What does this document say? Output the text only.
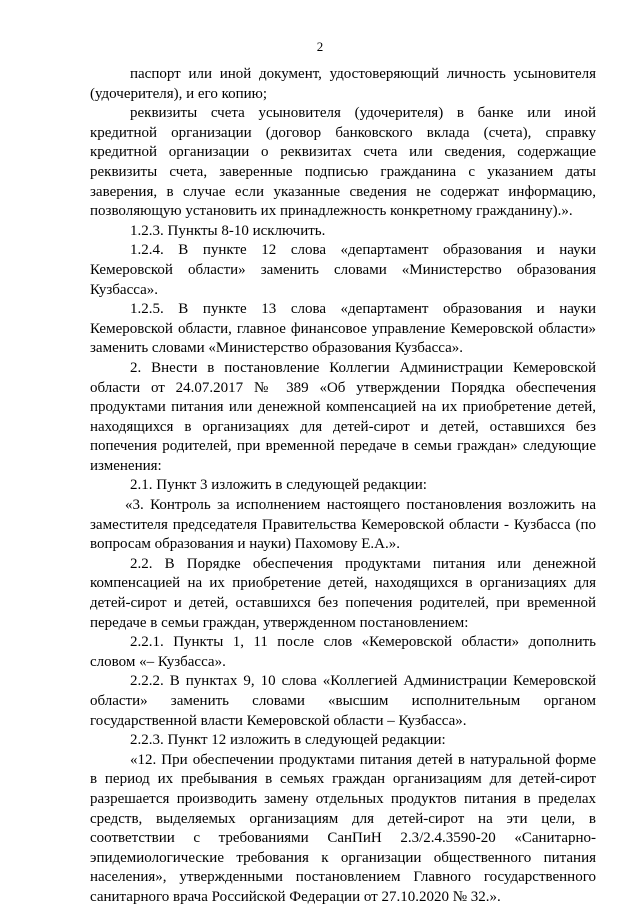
2

паспорт или иной документ, удостоверяющий личность усыновителя (удочерителя), и его копию;

реквизиты счета усыновителя (удочерителя) в банке или иной кредитной организации (договор банковского вклада (счета), справку кредитной организации о реквизитах счета или сведения, содержащие реквизиты счета, заверенные подписью гражданина с указанием даты заверения, в случае если указанные сведения не содержат информацию, позволяющую установить их принадлежность конкретному гражданину).».

1.2.3. Пункты 8-10 исключить.

1.2.4. В пункте 12 слова «департамент образования и науки Кемеровской области» заменить словами «Министерство образования Кузбасса».

1.2.5. В пункте 13 слова «департамент образования и науки Кемеровской области, главное финансовое управление Кемеровской области» заменить словами «Министерство образования Кузбасса».

2. Внести в постановление Коллегии Администрации Кемеровской области от 24.07.2017 № 389 «Об утверждении Порядка обеспечения продуктами питания или денежной компенсацией на их приобретение детей, находящихся в организациях для детей-сирот и детей, оставшихся без попечения родителей, при временной передаче в семьи граждан» следующие изменения:

2.1. Пункт 3 изложить в следующей редакции:

«3. Контроль за исполнением настоящего постановления возложить на заместителя председателя Правительства Кемеровской области - Кузбасса (по вопросам образования и науки) Пахомову Е.А.».

2.2. В Порядке обеспечения продуктами питания или денежной компенсацией на их приобретение детей, находящихся в организациях для детей-сирот и детей, оставшихся без попечения родителей, при временной передаче в семьи граждан, утвержденном постановлением:

2.2.1. Пункты 1, 11 после слов «Кемеровской области» дополнить словом «– Кузбасса».

2.2.2. В пунктах 9, 10 слова «Коллегией Администрации Кемеровской области» заменить словами «высшим исполнительным органом государственной власти Кемеровской области – Кузбасса».

2.2.3. Пункт 12 изложить в следующей редакции:

«12. При обеспечении продуктами питания детей в натуральной форме в период их пребывания в семьях граждан организациям для детей-сирот разрешается производить замену отдельных продуктов питания в пределах средств, выделяемых организациям для детей-сирот на эти цели, в соответствии с требованиями СанПиН 2.3/2.4.3590-20 «Санитарно-эпидемиологические требования к организации общественного питания населения», утвержденными постановлением Главного государственного санитарного врача Российской Федерации от 27.10.2020 № 32.».
